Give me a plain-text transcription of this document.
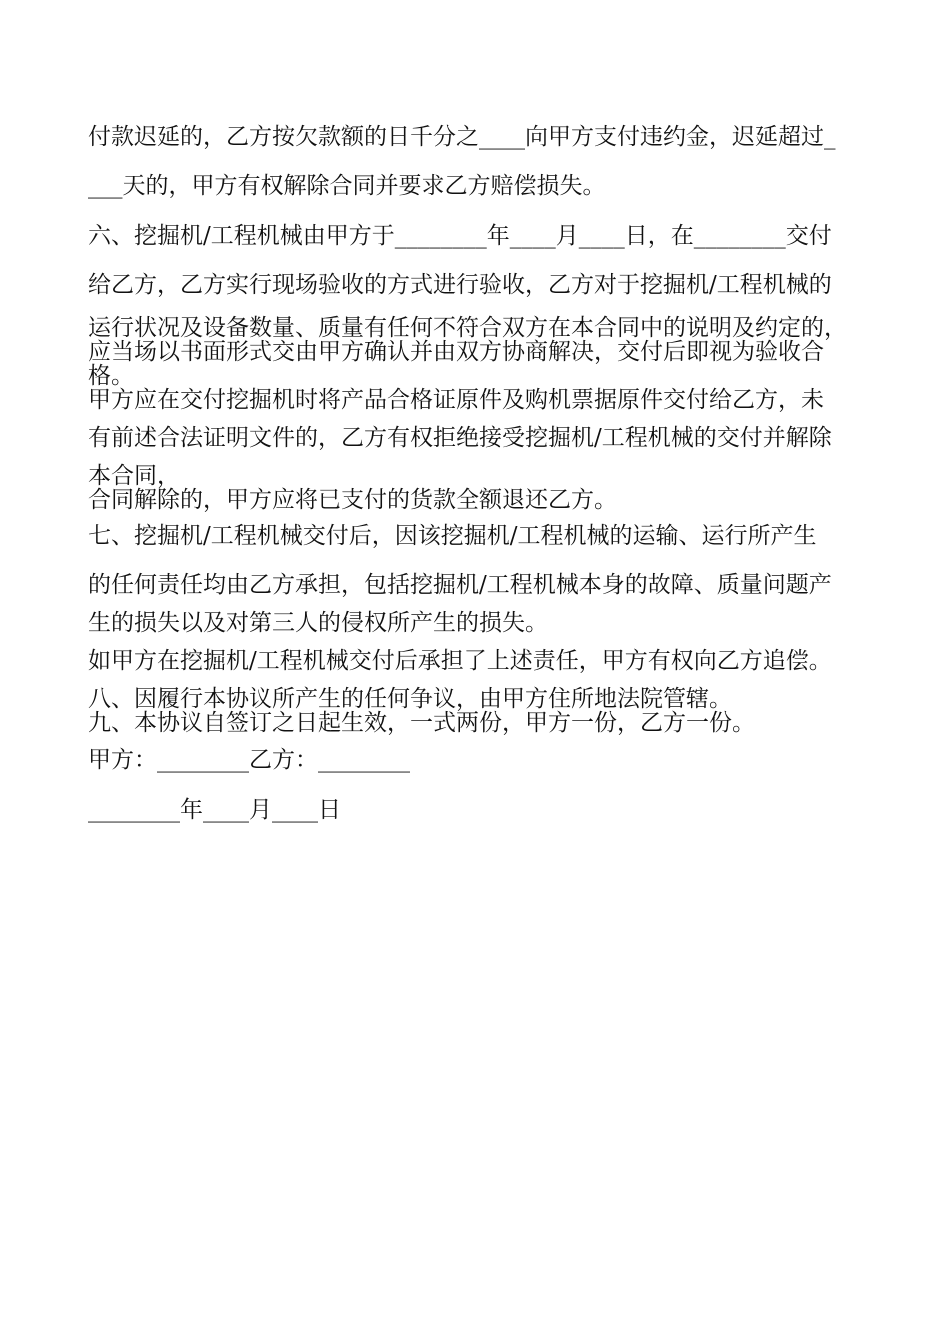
付款迟延的，乙方按欠款额的日千分之____向甲方支付违约金，迟延超过_
___天的，甲方有权解除合同并要求乙方赔偿损失。
六、挖掘机/工程机械由甲方于________年____月____日，在________交付
给乙方，乙方实行现场验收的方式进行验收，乙方对于挖掘机/工程机械的
运行状况及设备数量、质量有任何不符合双方在本合同中的说明及约定的，
应当场以书面形式交由甲方确认并由双方协商解决，交付后即视为验收合
格。
甲方应在交付挖掘机时将产品合格证原件及购机票据原件交付给乙方，未
有前述合法证明文件的，乙方有权拒绝接受挖掘机/工程机械的交付并解除
本合同，
合同解除的，甲方应将已支付的货款全额退还乙方。
七、挖掘机/工程机械交付后，因该挖掘机/工程机械的运输、运行所产生
的任何责任均由乙方承担，包括挖掘机/工程机械本身的故障、质量问题产
生的损失以及对第三人的侵权所产生的损失。
如甲方在挖掘机/工程机械交付后承担了上述责任，甲方有权向乙方追偿。
八、因履行本协议所产生的任何争议，由甲方住所地法院管辖。
九、本协议自签订之日起生效，一式两份，甲方一份，乙方一份。
甲方：________乙方：________
________年____月____日
